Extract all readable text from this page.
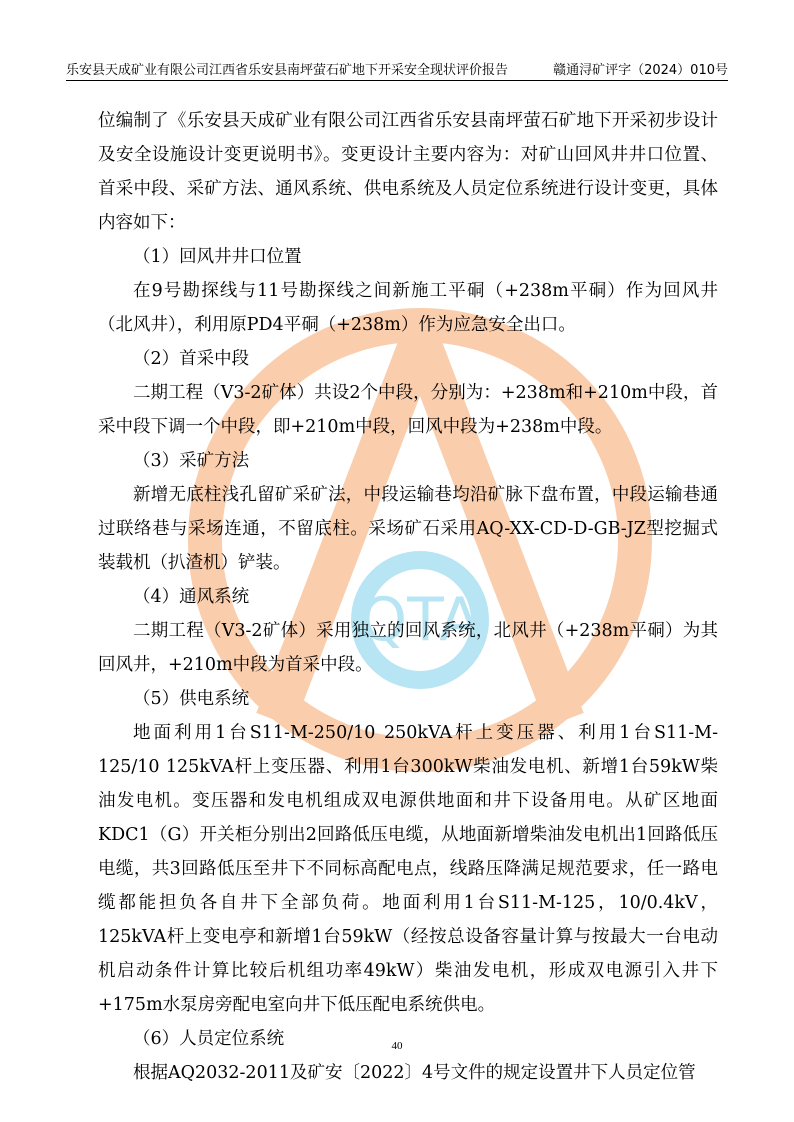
乐安县天成矿业有限公司江西省乐安县南坪萤石矿地下开采安全现状评价报告	赣通浔矿评字（2024）010号
QTA

位编制了《乐安县天成矿业有限公司江西省乐安县南坪萤石矿地下开采初步设计及安全设施设计变更说明书》。变更设计主要内容为：对矿山回风井井口位置、首采中段、采矿方法、通风系统、供电系统及人员定位系统进行设计变更，具体内容如下：

（1）回风井井口位置

在9号勘探线与11号勘探线之间新施工平硐（+238m平硐）作为回风井（北风井），利用原PD4平硐（+238m）作为应急安全出口。

（2）首采中段

二期工程（V3-2矿体）共设2个中段，分别为：+238m和+210m中段，首采中段下调一个中段，即+210m中段，回风中段为+238m中段。

（3）采矿方法

新增无底柱浅孔留矿采矿法，中段运输巷均沿矿脉下盘布置，中段运输巷通过联络巷与采场连通，不留底柱。采场矿石采用AQ-XX-CD-D-GB-JZ型挖掘式装载机（扒渣机）铲装。

（4）通风系统

二期工程（V3-2矿体）采用独立的回风系统，北风井（+238m平硐）为其回风井，+210m中段为首采中段。

（5）供电系统

地面利用1台S11-M-250/10 250kVA杆上变压器、利用1台S11-M-125/10 125kVA杆上变压器、利用1台300kW柴油发电机、新增1台59kW柴油发电机。变压器和发电机组成双电源供地面和井下设备用电。从矿区地面KDC1（G）开关柜分别出2回路低压电缆，从地面新增柴油发电机出1回路低压电缆，共3回路低压至井下不同标高配电点，线路压降满足规范要求，任一路电缆都能担负各自井下全部负荷。地面利用1台S11-M-125，10/0.4kV，125kVA杆上变电亭和新增1台59kW（经按总设备容量计算与按最大一台电动机启动条件计算比较后机组功率49kW）柴油发电机，形成双电源引入井下+175m水泵房旁配电室向井下低压配电系统供电。

（6）人员定位系统

根据AQ2032-2011及矿安〔2022〕4号文件的规定设置井下人员定位管

40
